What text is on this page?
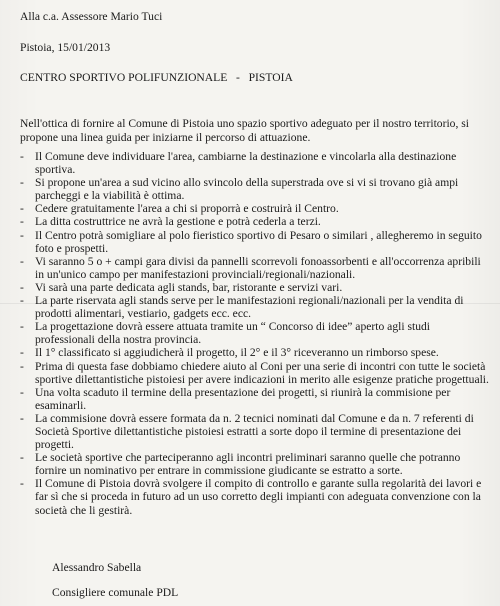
Alla c.a. Assessore Mario Tuci
Pistoia, 15/01/2013
CENTRO SPORTIVO POLIFUNZIONALE   -   PISTOIA
Nell'ottica di fornire al Comune di Pistoia uno spazio sportivo adeguato per il nostro territorio, si propone una linea guida per iniziarne il percorso di attuazione.
- Il Comune deve individuare l'area, cambiarne la destinazione e vincolarla alla destinazione sportiva.
- Si propone un'area a sud vicino allo svincolo della superstrada ove si vi si trovano già ampi parcheggi e la viabilità è ottima.
- Cedere gratuitamente l'area a chi si proporrà e costruirà il Centro.
- La ditta costruttrice ne avrà la gestione e potrà cederla a terzi.
- Il Centro potrà somigliare al polo fieristico sportivo di Pesaro o similari , allegheremo in seguito foto e prospetti.
- Vi saranno 5 o + campi gara divisi da pannelli scorrevoli fonoassorbenti e all'occorrenza apribili in un'unico campo per manifestazioni provinciali/regionali/nazionali.
- Vi sarà una parte dedicata agli stands, bar, ristorante e servizi vari.
- La parte riservata agli stands serve per le manifestazioni regionali/nazionali per la vendita di prodotti alimentari, vestiario, gadgets ecc. ecc.
- La progettazione dovrà essere attuata tramite un “ Concorso di idee” aperto agli studi professionali della nostra provincia.
- Il 1° classificato si aggiudicherà il progetto, il 2° e il 3° riceveranno un rimborso spese.
- Prima di questa fase dobbiamo chiedere aiuto al Coni per una serie di incontri con tutte le società sportive dilettantistiche pistoiesi per avere indicazioni in merito alle esigenze pratiche progettuali.
- Una volta scaduto il termine della presentazione dei progetti, si riunirà la commisione per esaminarli.
- La commisione dovrà essere formata da n. 2 tecnici nominati dal Comune e da n. 7 referenti di Società Sportive dilettantistiche pistoiesi estratti a sorte dopo il termine di presentazione dei progetti.
- Le società sportive che parteciperanno agli incontri preliminari saranno quelle che potranno fornire un nominativo per entrare in commissione giudicante se estratto a sorte.
- Il Comune di Pistoia dovrà svolgere il compito di controllo e garante sulla regolarità dei lavori e far sì che si proceda in futuro ad un uso corretto degli impianti con adeguata convenzione con la società che li gestirà.
Alessandro Sabella
Consigliere comunale PDL
